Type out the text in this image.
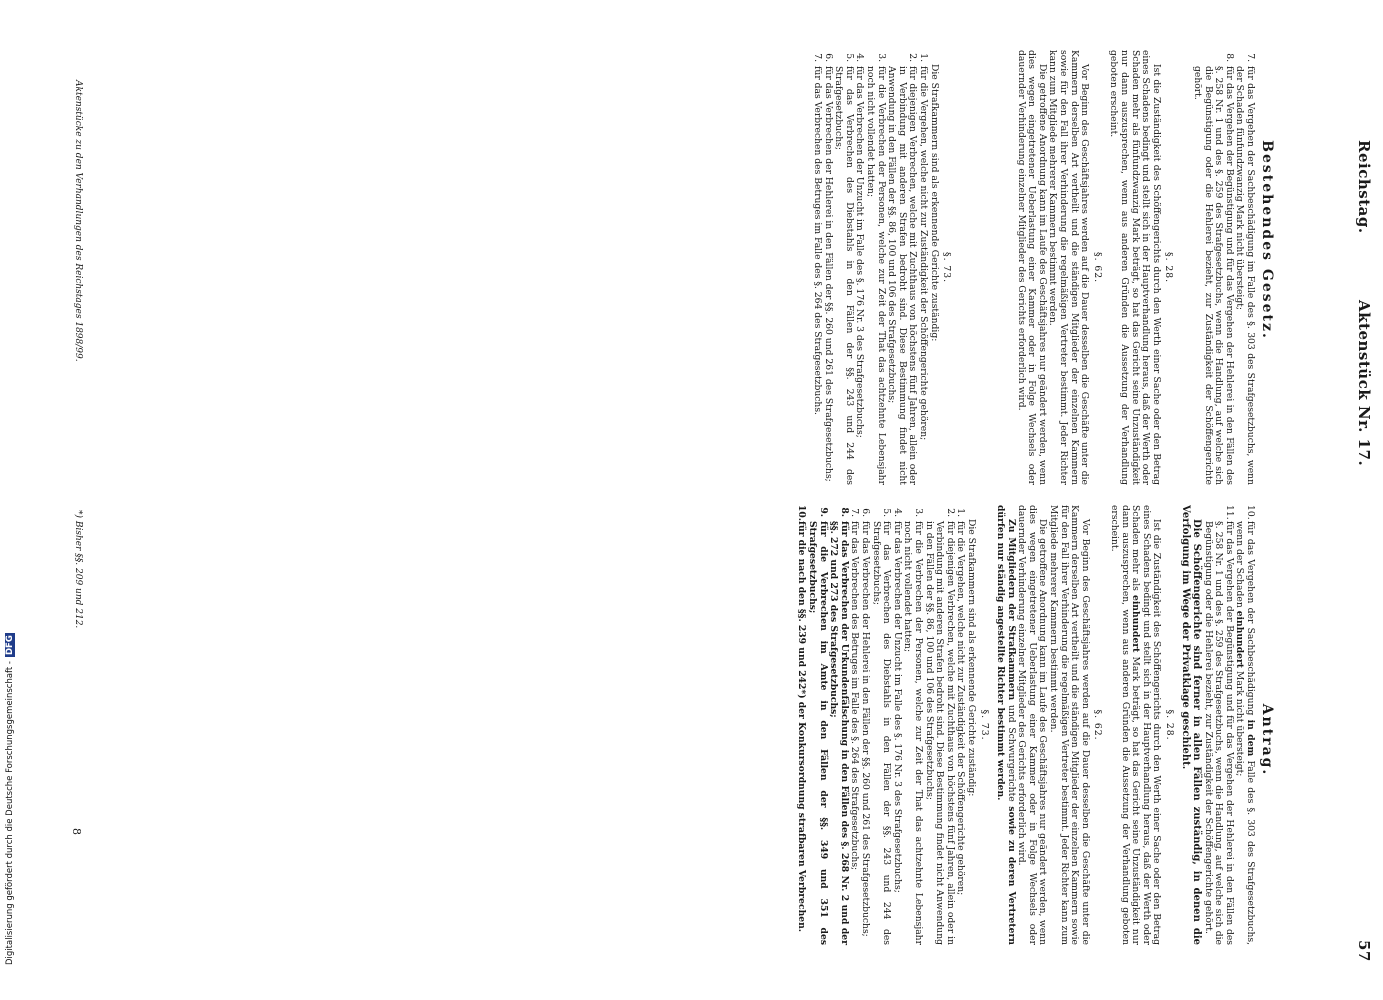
Digitalisierung gefördert durch die Deutsche Forschungsgemeinschaft -DFG
Reichstag.
Aktenstück Nr. 17.
57
Bestehendes Gesetz.
Antrag.
7.
für das Vergehen der Sachbeschädigung im Falle des §. 303 des Strafgesetzbuchs, wenn der Schaden fünfundzwanzig Mark nicht übersteigt;
8.
für das Vergehen der Begünstigung und für das Vergehen der Hehlerei in den Fällen des §. 258 Nr. 1 und des §. 259 des Strafgesetzbuchs, wenn die Handlung, auf welche sich die Begünstigung oder die Hehlerei bezieht, zur Zuständigkeit der Schöffengerichte gehört.
§. 28.

Ist die Zuständigkeit des Schöffengerichts durch den Werth einer Sache oder den Betrag eines Schadens bedingt und stellt sich in der Hauptverhandlung heraus, daß der Werth oder Schaden mehr als fünfundzwanzig Mark beträgt, so hat das Gericht seine Unzuständigkeit nur dann auszusprechen, wenn aus anderen Gründen die Aussetzung der Verhandlung geboten erscheint.

§. 62.

Vor Beginn des Geschäftsjahres werden auf die Dauer desselben die Geschäfte unter die Kammern derselben Art vertheilt und die ständigen Mitglieder der einzelnen Kammern sowie für den Fall ihrer Verhinderung die regelmäßigen Vertreter bestimmt. Jeder Richter kann zum Mitgliede mehrerer Kammern bestimmt werden.

Die getroffene Anordnung kann im Laufe des Geschäftsjahres nur geändert werden, wenn dies wegen eingetretener Ueberlastung einer Kammer oder in Folge Wechsels oder dauernder Verhinderung einzelner Mitglieder des Gerichts erforderlich wird.

§. 73.

Die Strafkammern sind als erkennende Gerichte zuständig:

1.
für die Vergehen, welche nicht zur Zuständigkeit der Schöffengerichte gehören;
2.
für diejenigen Verbrechen, welche mit Zuchthaus von höchstens fünf Jahren, allein oder in Verbindung mit anderen Strafen bedroht sind. Diese Bestimmung findet nicht Anwendung in den Fällen der §§. 86, 100 und 106 des Strafgesetzbuchs;
3.
für die Verbrechen der Personen, welche zur Zeit der That das achtzehnte Lebensjahr noch nicht vollendet hatten;
4.
für das Verbrechen der Unzucht im Falle des §. 176 Nr. 3 des Strafgesetzbuchs;
5.
für das Verbrechen des Diebstahls in den Fällen der §§. 243 und 244 des Strafgesetzbuchs;
6.
für das Verbrechen der Hehlerei in den Fällen der §§. 260 und 261 des Strafgesetzbuchs;
7.
für das Verbrechen des Betruges im Falle des §. 264 des Strafgesetzbuchs.
10.
für das Vergehen der Sachbeschädigung in dem Falle des §. 303 des Strafgesetzbuchs, wenn der Schaden einhundert Mark nicht übersteigt;
11.
für das Vergehen der Begünstigung und für das Vergehen der Hehlerei in den Fällen des §. 258 Nr. 1 und des §. 259 des Strafgesetzbuchs, wenn die Handlung, auf welche sich die Begünstigung oder die Hehlerei bezieht, zur Zuständigkeit der Schöffengerichte gehört.

Die Schöffengerichte sind ferner in allen Fällen zuständig, in denen die Verfolgung im Wege der Privatklage geschieht.

§. 28.

Ist die Zuständigkeit des Schöffengerichts durch den Werth einer Sache oder den Betrag eines Schadens bedingt und stellt sich in der Hauptverhandlung heraus, daß der Werth oder Schaden mehr als einhundert Mark beträgt, so hat das Gericht seine Unzuständigkeit nur dann auszusprechen, wenn aus anderen Gründen die Aussetzung der Verhandlung geboten erscheint.

§. 62.

Vor Beginn des Geschäftsjahres werden auf die Dauer desselben die Geschäfte unter die Kammern derselben Art vertheilt und die ständigen Mitglieder der einzelnen Kammern sowie für den Fall ihrer Verhinderung die regelmäßigen Vertreter bestimmt. Jeder Richter kann zum Mitgliede mehrerer Kammern bestimmt werden.

Die getroffene Anordnung kann im Laufe des Geschäftsjahres nur geändert werden, wenn dies wegen eingetretener Ueberlastung einer Kammer oder in Folge Wechsels oder dauernder Verhinderung einzelner Mitglieder des Gerichts erforderlich wird.

Zu Mitgliedern der Strafkammern und Schwurgerichte sowie zu deren Vertretern dürfen nur ständig angestellte Richter bestimmt werden.

§. 73.

Die Strafkammern sind als erkennende Gerichte zuständig:

1.
für die Vergehen, welche nicht zur Zuständigkeit der Schöffengerichte gehören;
2.
für diejenigen Verbrechen, welche mit Zuchthaus von höchstens fünf Jahren, allein oder in Verbindung mit anderen Strafen bedroht sind. Diese Bestimmung findet nicht Anwendung in den Fällen der §§. 86, 100 und 106 des Strafgesetzbuchs;
3.
für die Verbrechen der Personen, welche zur Zeit der That das achtzehnte Lebensjahr noch nicht vollendet hatten;
4.
für das Verbrechen der Unzucht im Falle des §. 176 Nr. 3 des Strafgesetzbuchs;
5.
für das Verbrechen des Diebstahls in den Fällen der §§. 243 und 244 des Strafgesetzbuchs;
6.
für das Verbrechen der Hehlerei in den Fällen der §§. 260 und 261 des Strafgesetzbuchs;
7.
für das Verbrechen des Betruges im Falle des §. 264 des Strafgesetzbuchs;
8.
für das Verbrechen der Urkundenfälschung in den Fällen des §. 268 Nr. 2 und der §§. 272 und 273 des Strafgesetzbuchs;
9.
für die Verbrechen im Amte in den Fällen der §§. 349 und 351 des Strafgesetzbuchs;
10.
für die nach den §§. 239 und 242*) der Konkursordnung strafbaren Verbrechen.
Aktenstücke zu den Verhandlungen des Reichstages 1898/99.
*) Bisher §§. 209 und 212.
8
